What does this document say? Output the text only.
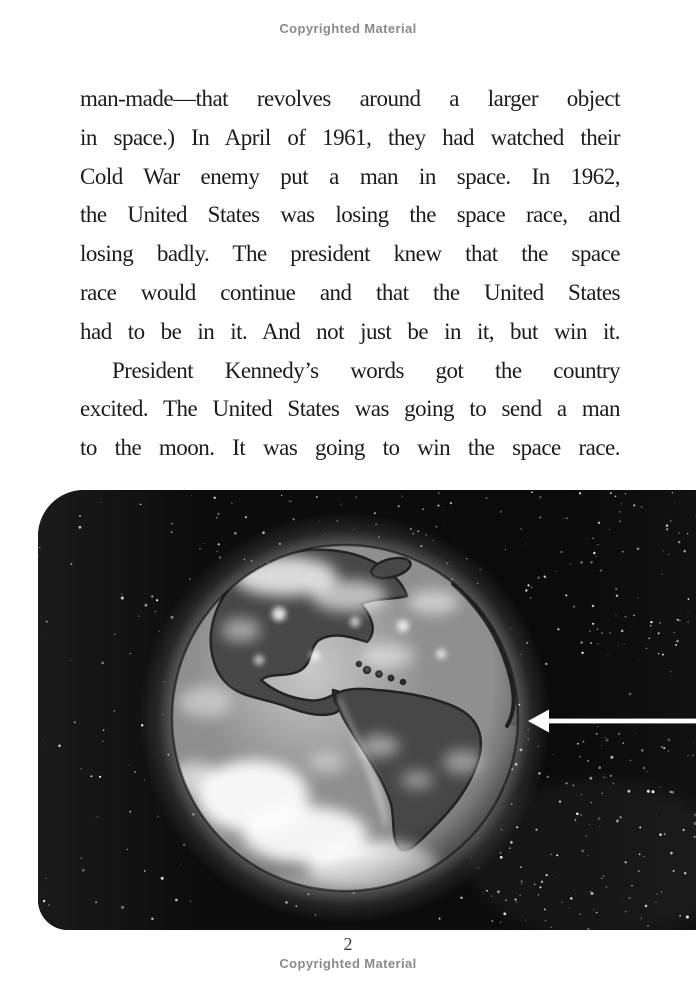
Copyrighted Material
man-made—that revolves around a larger object
in space.) In April of 1961, they had watched their
Cold War enemy put a man in space. In 1962,
the United States was losing the space race, and
losing badly. The president knew that the space
race would continue and that the United States
had to be in it. And not just be in it, but win it.
President Kennedy’s words got the country
excited. The United States was going to send a man
to the moon. It was going to win the space race.
2
Copyrighted Material
